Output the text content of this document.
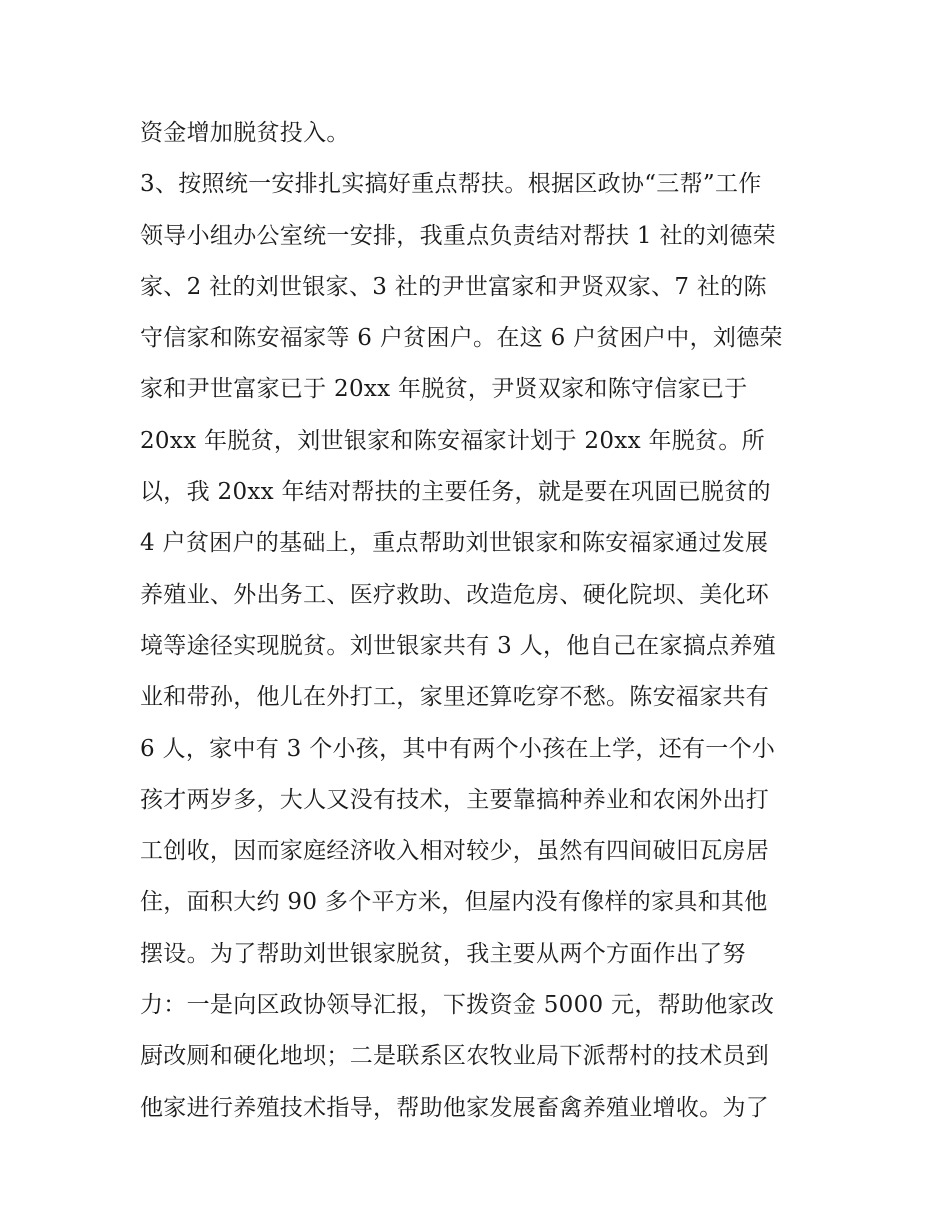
资金增加脱贫投入。
3、按照统一安排扎实搞好重点帮扶。根据区政协“三帮”工作
领导小组办公室统一安排，我重点负责结对帮扶 1 社的刘德荣
家、2 社的刘世银家、3 社的尹世富家和尹贤双家、7 社的陈
守信家和陈安福家等 6 户贫困户。在这 6 户贫困户中，刘德荣
家和尹世富家已于 20xx 年脱贫，尹贤双家和陈守信家已于
20xx 年脱贫，刘世银家和陈安福家计划于 20xx 年脱贫。所
以，我 20xx 年结对帮扶的主要任务，就是要在巩固已脱贫的
4 户贫困户的基础上，重点帮助刘世银家和陈安福家通过发展
养殖业、外出务工、医疗救助、改造危房、硬化院坝、美化环
境等途径实现脱贫。刘世银家共有 3 人，他自己在家搞点养殖
业和带孙，他儿在外打工，家里还算吃穿不愁。陈安福家共有
6 人，家中有 3 个小孩，其中有两个小孩在上学，还有一个小
孩才两岁多，大人又没有技术，主要靠搞种养业和农闲外出打
工创收，因而家庭经济收入相对较少，虽然有四间破旧瓦房居
住，面积大约 90 多个平方米，但屋内没有像样的家具和其他
摆设。为了帮助刘世银家脱贫，我主要从两个方面作出了努
力：一是向区政协领导汇报，下拨资金 5000 元，帮助他家改
厨改厕和硬化地坝；二是联系区农牧业局下派帮村的技术员到
他家进行养殖技术指导，帮助他家发展畜禽养殖业增收。为了
